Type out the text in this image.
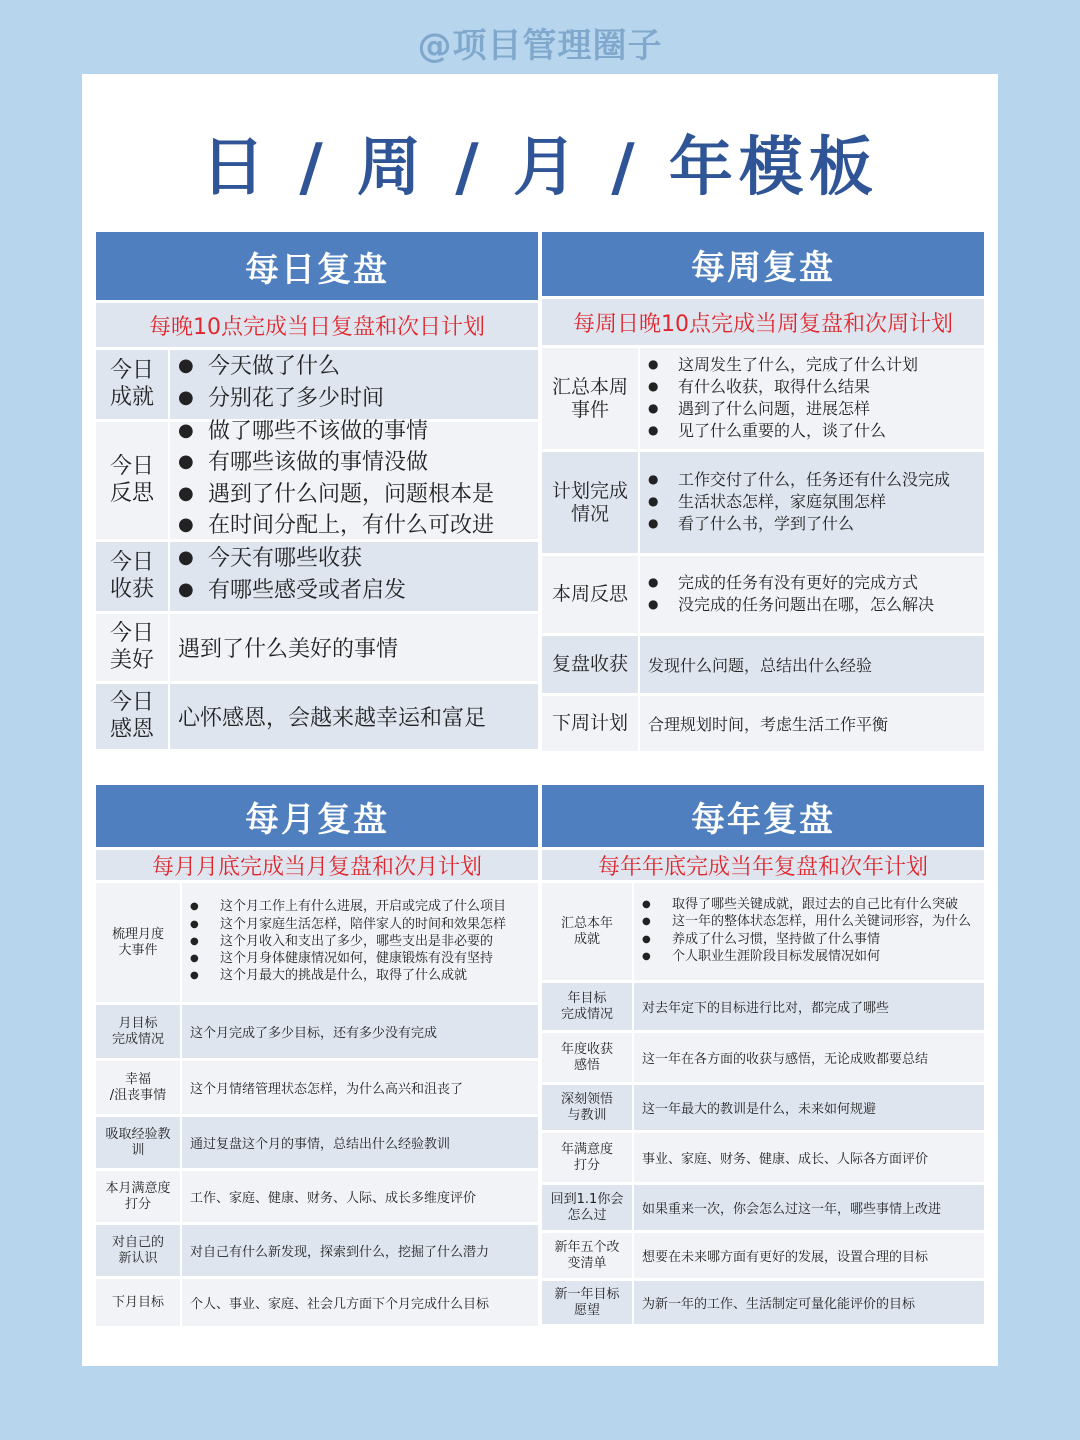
@项目管理圈子
日 / 周 / 月 / 年模板
每日复盘
每晚10点完成当日复盘和次日计划
今日
成就
● 今天做了什么
● 分别花了多少时间
今日
反思
● 做了哪些不该做的事情
● 有哪些该做的事情没做
● 遇到了什么问题，问题根本是
● 在时间分配上，有什么可改进
今日
收获
● 今天有哪些收获
● 有哪些感受或者启发
今日
美好	遇到了什么美好的事情
今日
感恩	心怀感恩，会越来越幸运和富足
每周复盘
每周日晚10点完成当周复盘和次周计划
汇总本周
事件
●	这周发生了什么，完成了什么计划
●	有什么收获，取得什么结果
●	遇到了什么问题，进展怎样
●	见了什么重要的人，谈了什么
计划完成
情况
●	工作交付了什么，任务还有什么没完成
●	生活状态怎样，家庭氛围怎样
●	看了什么书，学到了什么
本周反思
●	完成的任务有没有更好的完成方式
●	没完成的任务问题出在哪，怎么解决
复盘收获	发现什么问题，总结出什么经验
下周计划	合理规划时间，考虑生活工作平衡
每月复盘
每月月底完成当月复盘和次月计划
梳理月度
大事件
●	这个月工作上有什么进展，开启或完成了什么项目
●	这个月家庭生活怎样，陪伴家人的时间和效果怎样
●	这个月收入和支出了多少，哪些支出是非必要的
●	这个月身体健康情况如何，健康锻炼有没有坚持
●	这个月最大的挑战是什么，取得了什么成就
月目标
完成情况	这个月完成了多少目标，还有多少没有完成
幸福
/沮丧事情	这个月情绪管理状态怎样，为什么高兴和沮丧了
吸取经验教
训	通过复盘这个月的事情，总结出什么经验教训
本月满意度
打分	工作、家庭、健康、财务、人际、成长多维度评价
对自己的
新认识	对自己有什么新发现，探索到什么，挖掘了什么潜力
下月目标	个人、事业、家庭、社会几方面下个月完成什么目标
每年复盘
每年年底完成当年复盘和次年计划
汇总本年
成就
●	取得了哪些关键成就，跟过去的自己比有什么突破
●	这一年的整体状态怎样，用什么关键词形容，为什么
●	养成了什么习惯，坚持做了什么事情
●	个人职业生涯阶段目标发展情况如何
年目标
完成情况	对去年定下的目标进行比对，都完成了哪些
年度收获
感悟	这一年在各方面的收获与感悟，无论成败都要总结
深刻领悟
与教训	这一年最大的教训是什么，未来如何规避
年满意度
打分	事业、家庭、财务、健康、成长、人际各方面评价
回到1.1你会
怎么过	如果重来一次，你会怎么过这一年，哪些事情上改进
新年五个改
变清单	想要在未来哪方面有更好的发展，设置合理的目标
新一年目标
愿望	为新一年的工作、生活制定可量化能评价的目标
